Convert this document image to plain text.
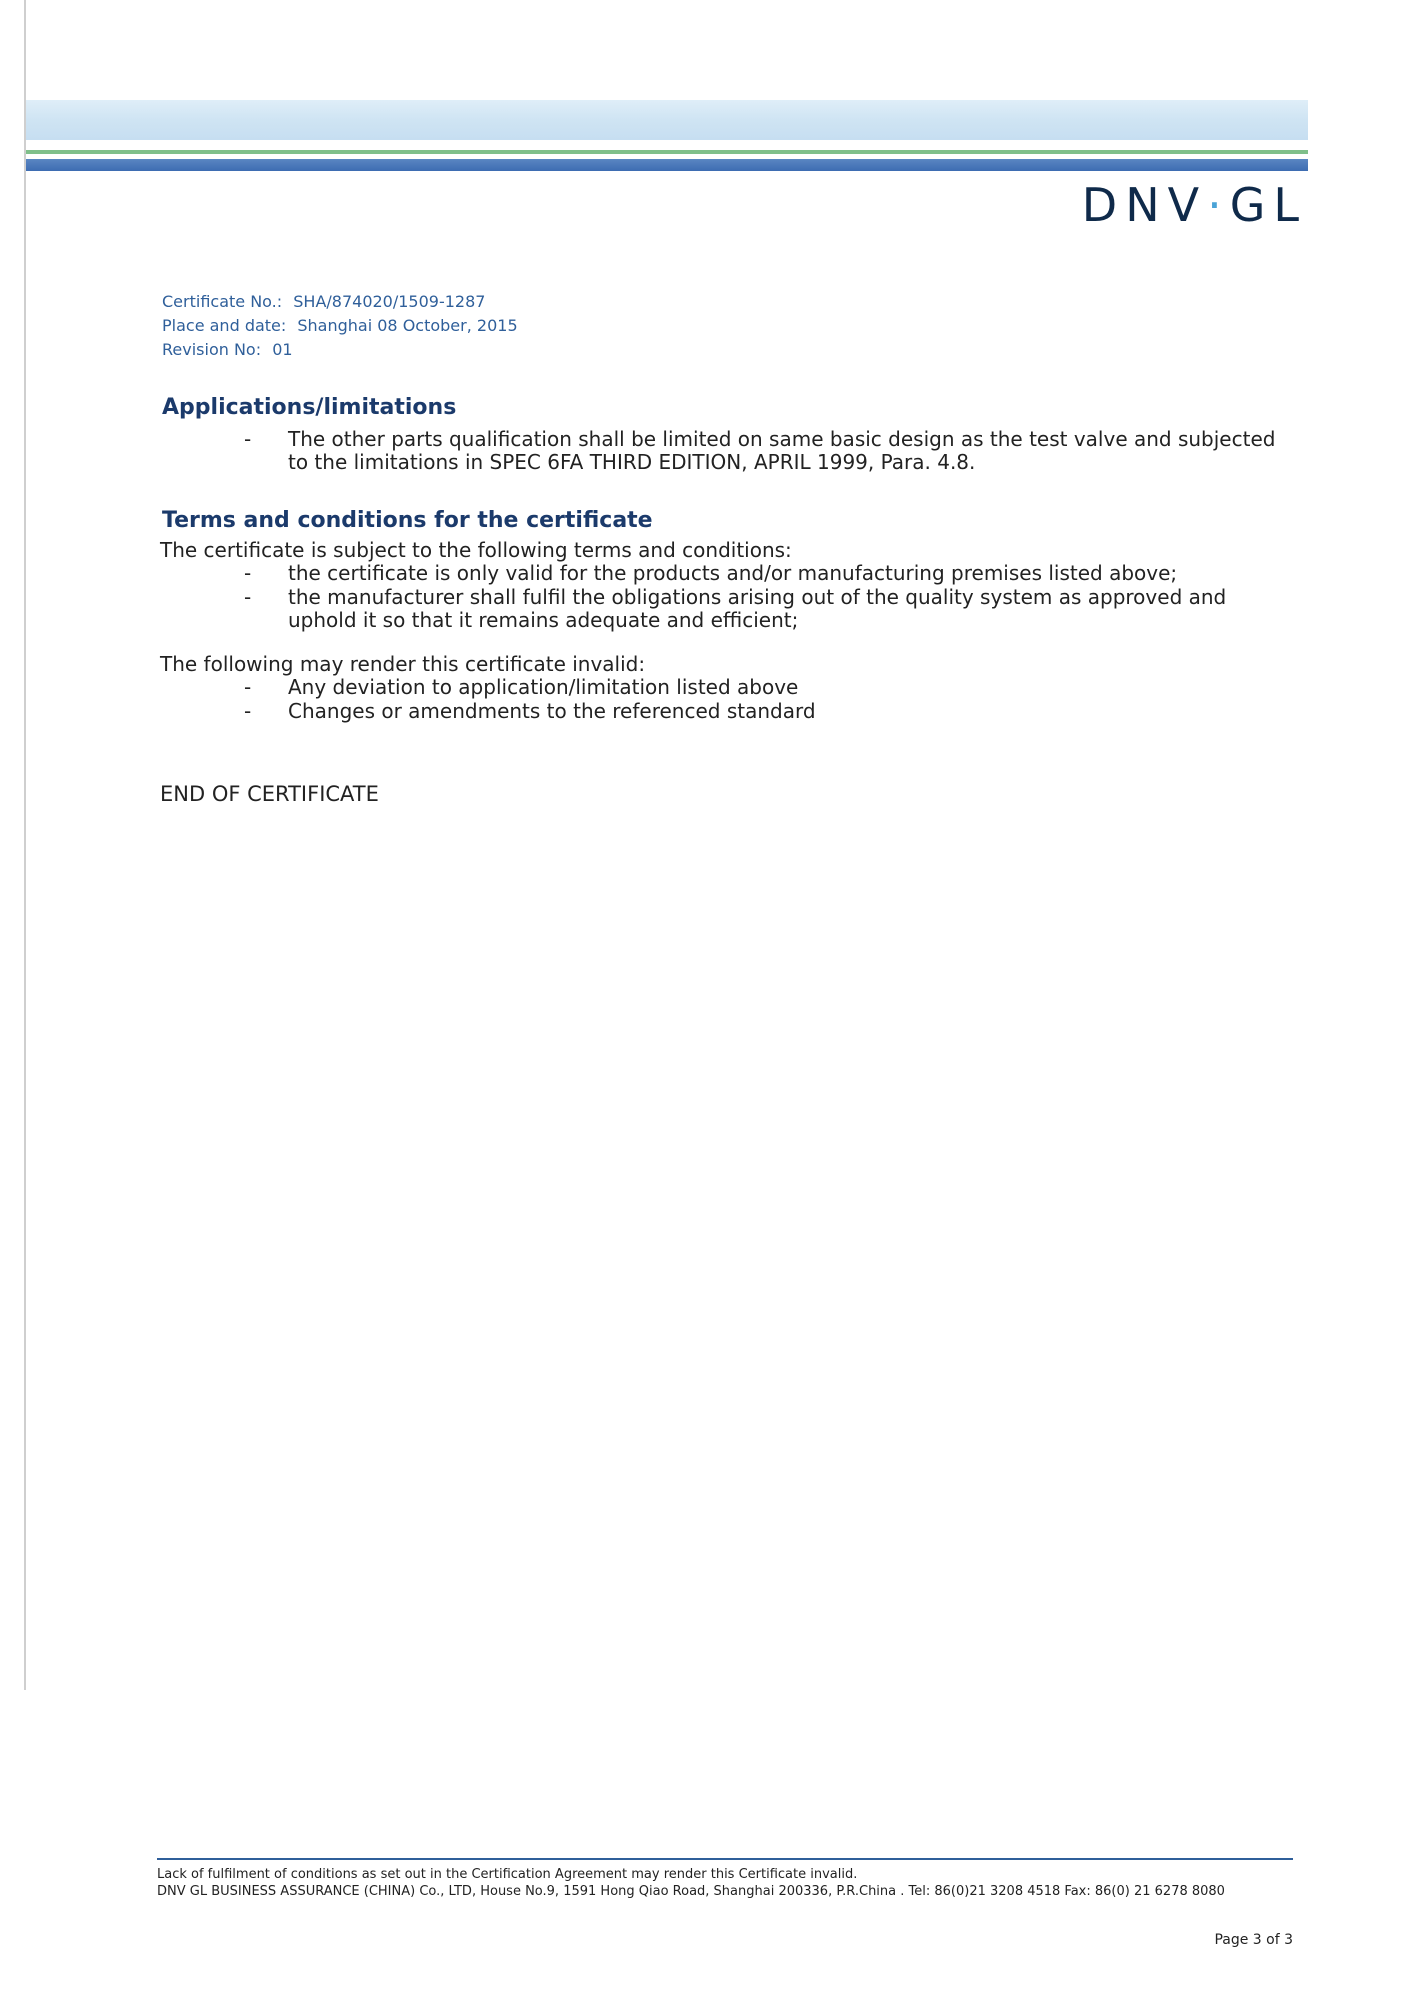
DNV·GL
Certificate No.: SHA/874020/1509-1287
Place and date: Shanghai 08 October, 2015
Revision No: 01
Applications/limitations
- The other parts qualification shall be limited on same basic design as the test valve and subjected to the limitations in SPEC 6FA THIRD EDITION, APRIL 1999, Para. 4.8.
Terms and conditions for the certificate
The certificate is subject to the following terms and conditions:
- the certificate is only valid for the products and/or manufacturing premises listed above;
- the manufacturer shall fulfil the obligations arising out of the quality system as approved and uphold it so that it remains adequate and efficient;
The following may render this certificate invalid:
- Any deviation to application/limitation listed above
- Changes or amendments to the referenced standard
END OF CERTIFICATE
Lack of fulfilment of conditions as set out in the Certification Agreement may render this Certificate invalid.
DNV GL BUSINESS ASSURANCE (CHINA) Co., LTD, House No.9, 1591 Hong Qiao Road, Shanghai 200336, P.R.China . Tel: 86(0)21 3208 4518 Fax: 86(0) 21 6278 8080
Page 3 of 3
